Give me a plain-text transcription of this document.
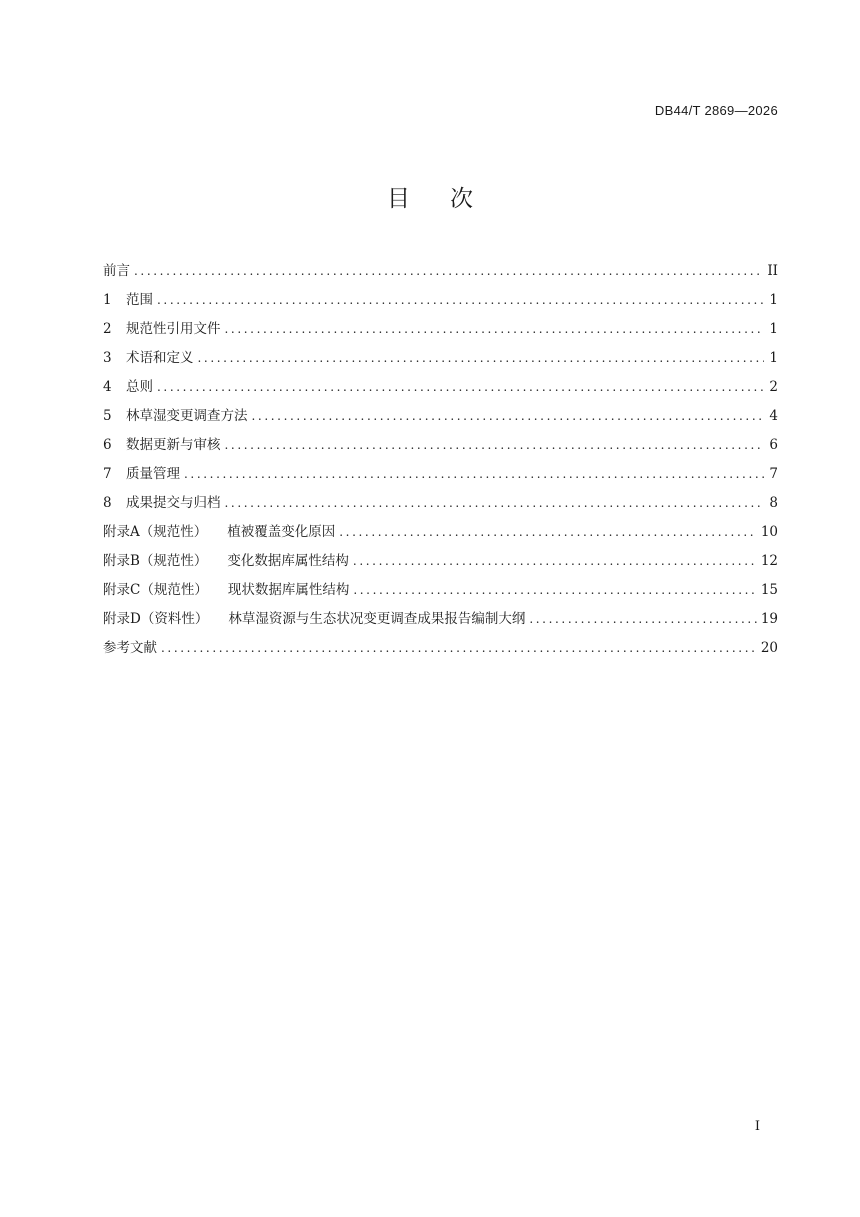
DB44/T 2869—2026
目 次
前言 .....	II
1	范围 .....	1
2	规范性引用文件 .....	1
3	术语和定义 .....	1
4	总则 .....	2
5	林草湿变更调查方法 .....	4
6	数据更新与审核 .....	6
7	质量管理 .....	7
8	成果提交与归档 .....	8
附录A（规范性） 植被覆盖变化原因 .....	10
附录B（规范性） 变化数据库属性结构 .....	12
附录C（规范性） 现状数据库属性结构 .....	15
附录D（资料性） 林草湿资源与生态状况变更调查成果报告编制大纲 .....	19
参考文献 .....	20
I
